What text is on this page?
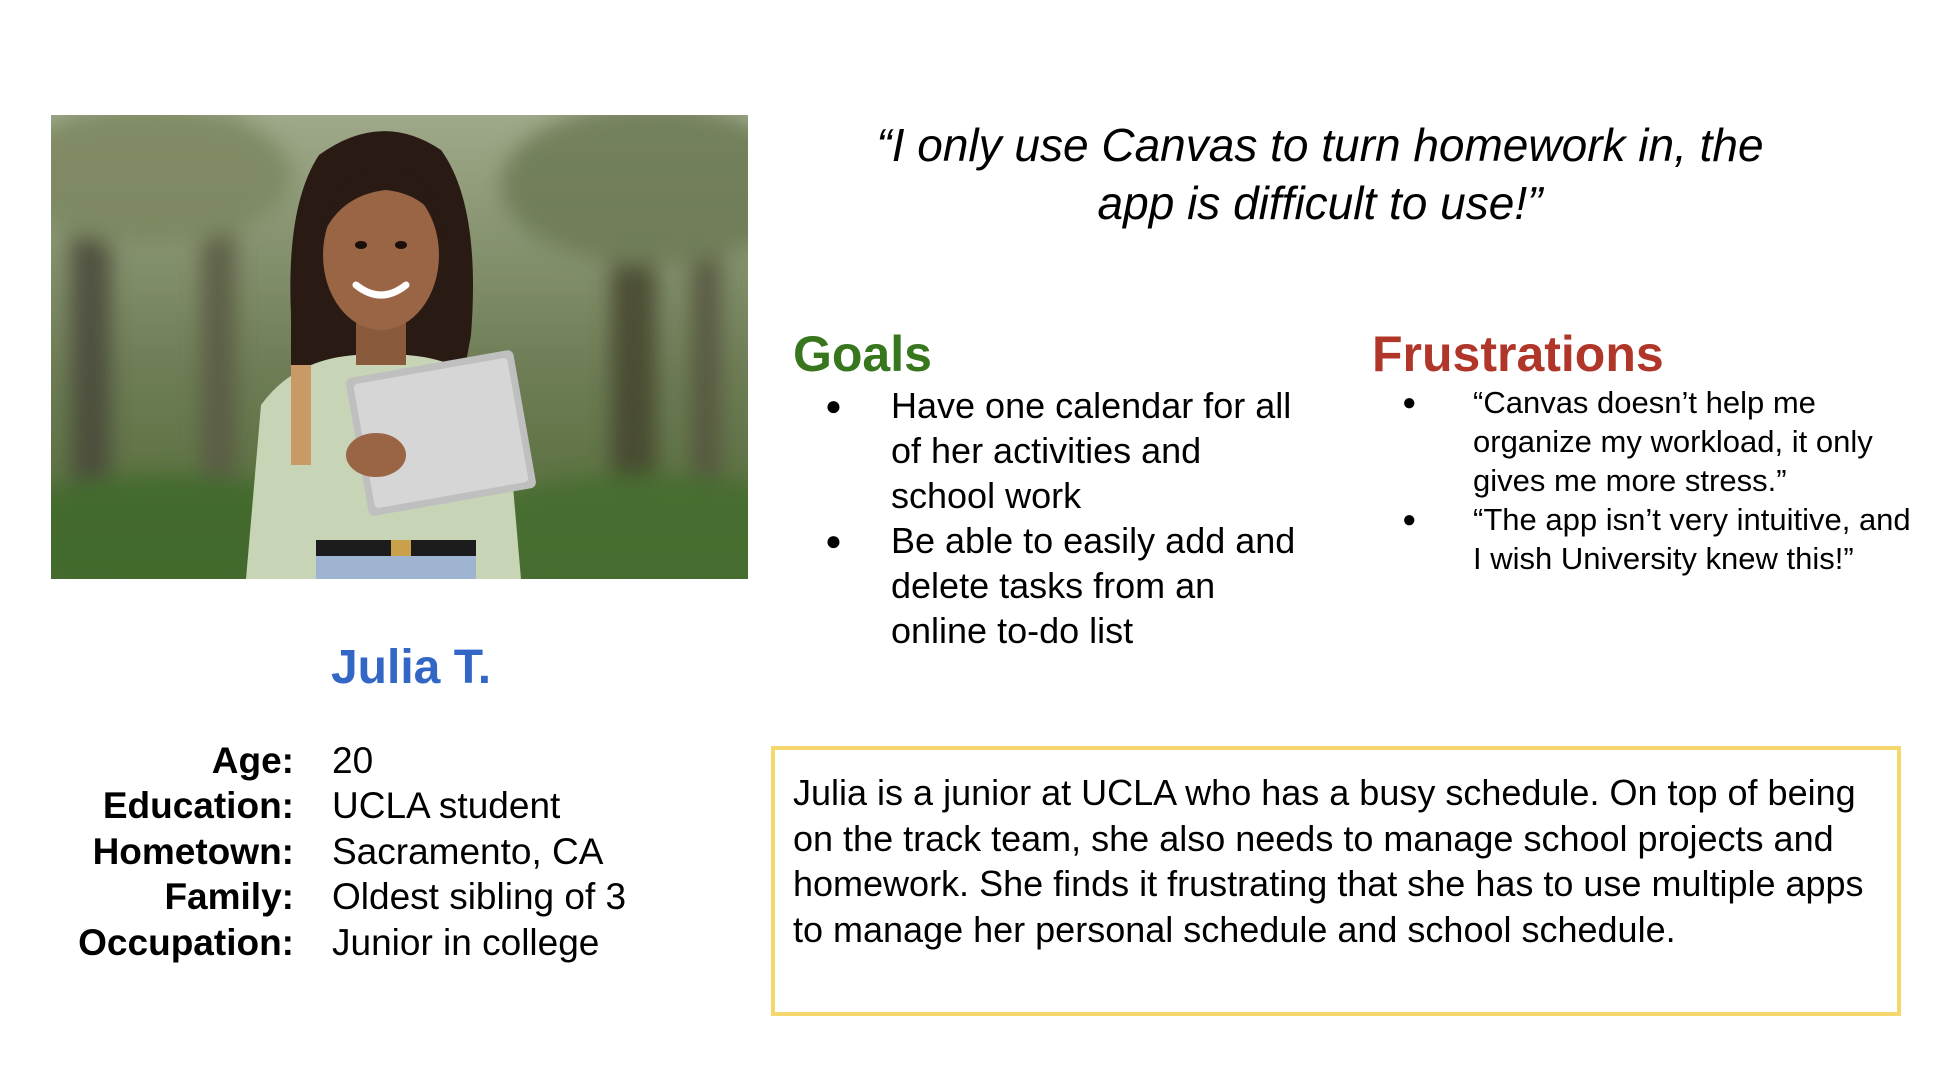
Julia T.
Age:	20
Education:	UCLA student
Hometown:	Sacramento, CA
Family:	Oldest sibling of 3
Occupation:	Junior in college
“I only use Canvas to turn homework in, the
app is difficult to use!”
Goals
● Have one calendar for all of her activities and school work
● Be able to easily add and delete tasks from an online to-do list
Frustrations
● “Canvas doesn’t help me organize my workload, it only gives me more stress.”
● “The app isn’t very intuitive, and I wish University knew this!”
Julia is a junior at UCLA who has a busy schedule. On top of being on the track team, she also needs to manage school projects and homework. She finds it frustrating that she has to use multiple apps to manage her personal schedule and school schedule.
